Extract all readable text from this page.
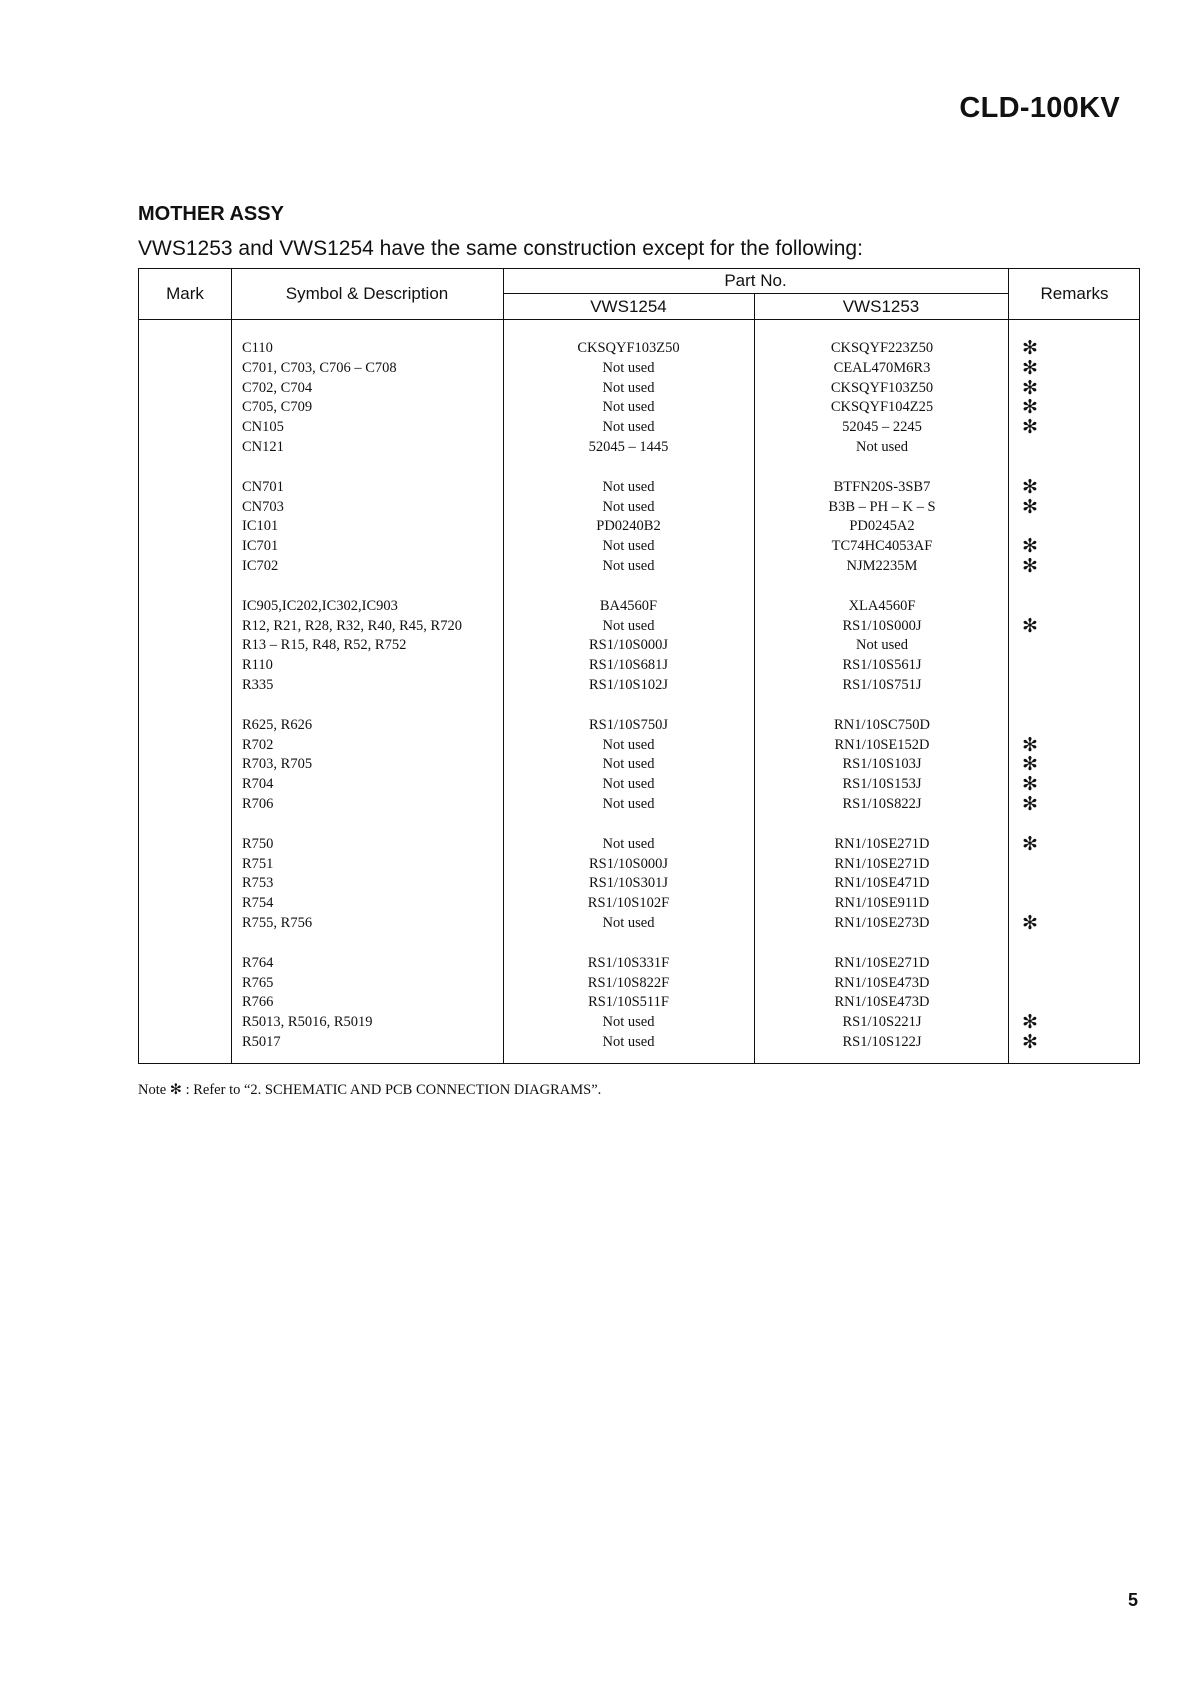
CLD-100KV
MOTHER ASSY
VWS1253 and VWS1254 have the same construction except for the following:
Mark	Symbol & Description
Part No.
VWS1254	VWS1253
Remarks
C110	CKSQYF103Z50	CKSQYF223Z50	✻
C701, C703, C706 – C708	Not used	CEAL470M6R3	✻
C702, C704	Not used	CKSQYF103Z50	✻
C705, C709	Not used	CKSQYF104Z25	✻
CN105	Not used	52045 – 2245	✻
CN121	52045 – 1445	Not used
CN701	Not used	BTFN20S-3SB7	✻
CN703	Not used	B3B – PH – K – S	✻
IC101	PD0240B2	PD0245A2
IC701	Not used	TC74HC4053AF	✻
IC702	Not used	NJM2235M	✻
IC905,IC202,IC302,IC903	BA4560F	XLA4560F
R12, R21, R28, R32, R40, R45, R720	Not used	RS1/10S000J	✻
R13 – R15, R48, R52, R752	RS1/10S000J	Not used
R110	RS1/10S681J	RS1/10S561J
R335	RS1/10S102J	RS1/10S751J
R625, R626	RS1/10S750J	RN1/10SC750D
R702	Not used	RN1/10SE152D	✻
R703, R705	Not used	RS1/10S103J	✻
R704	Not used	RS1/10S153J	✻
R706	Not used	RS1/10S822J	✻
R750	Not used	RN1/10SE271D	✻
R751	RS1/10S000J	RN1/10SE271D
R753	RS1/10S301J	RN1/10SE471D
R754	RS1/10S102F	RN1/10SE911D
R755, R756	Not used	RN1/10SE273D	✻
R764	RS1/10S331F	RN1/10SE271D
R765	RS1/10S822F	RN1/10SE473D
R766	RS1/10S511F	RN1/10SE473D
R5013, R5016, R5019	Not used	RS1/10S221J	✻
R5017	Not used	RS1/10S122J	✻
Note ✻ : Refer to “2. SCHEMATIC AND PCB CONNECTION DIAGRAMS”.
5
